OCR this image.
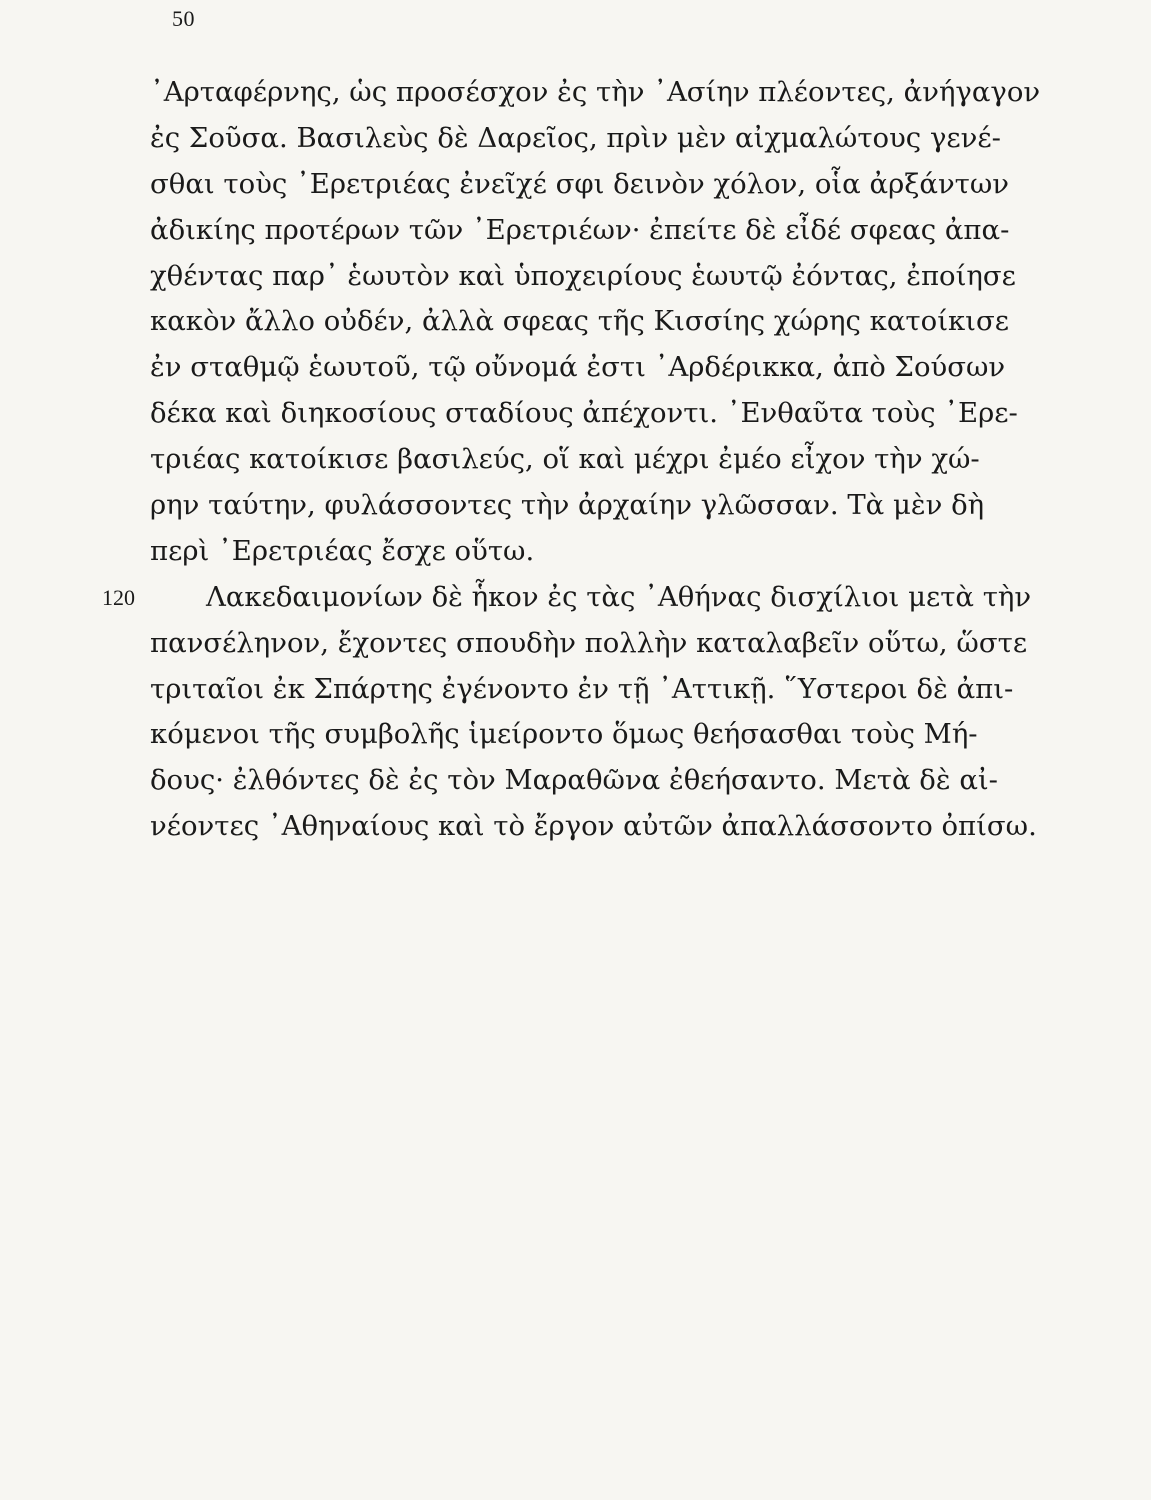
50
120
᾿Αρταφέρνης, ὡς προσέσχον ἐς τὴν ᾿Ασίην πλέοντες, ἀνήγαγον
ἐς Σοῦσα. Βασιλεὺς δὲ Δαρεῖος, πρὶν μὲν αἰχμαλώτους γενέ-
σθαι τοὺς ᾿Ερετριέας ἐνεῖχέ σφι δεινὸν χόλον, οἷα ἀρξάντων
ἀδικίης προτέρων τῶν ᾿Ερετριέων· ἐπείτε δὲ εἶδέ σφεας ἀπα-
χθέντας παρ᾿ ἑωυτὸν καὶ ὑποχειρίους ἑωυτῷ ἐόντας, ἐποίησε
κακὸν ἄλλο οὐδέν, ἀλλὰ σφεας τῆς Κισσίης χώρης κατοίκισε
ἐν σταθμῷ ἑωυτοῦ, τῷ οὔνομά ἐστι ᾿Αρδέρικκα, ἀπὸ Σούσων
δέκα καὶ διηκοσίους σταδίους ἀπέχοντι. ᾿Ενθαῦτα τοὺς ᾿Ερε-
τριέας κατοίκισε βασιλεύς, οἵ καὶ μέχρι ἐμέο εἶχον τὴν χώ-
ρην ταύτην, φυλάσσοντες τὴν ἀρχαίην γλῶσσαν. Τὰ μὲν δὴ
περὶ ᾿Ερετριέας ἔσχε οὕτω.
Λακεδαιμονίων δὲ ἧκον ἐς τὰς ᾿Αθήνας δισχίλιοι μετὰ τὴν
πανσέληνον, ἔχοντες σπουδὴν πολλὴν καταλαβεῖν οὕτω, ὥστε
τριταῖοι ἐκ Σπάρτης ἐγένοντο ἐν τῇ ᾿Αττικῇ. ῞Υστεροι δὲ ἀπι-
κόμενοι τῆς συμβολῆς ἱμείροντο ὅμως θεήσασθαι τοὺς Μή-
δους· ἐλθόντες δὲ ἐς τὸν Μαραθῶνα ἐθεήσαντο. Μετὰ δὲ αἰ-
νέοντες ᾿Αθηναίους καὶ τὸ ἔργον αὐτῶν ἀπαλλάσσοντο ὀπίσω.
